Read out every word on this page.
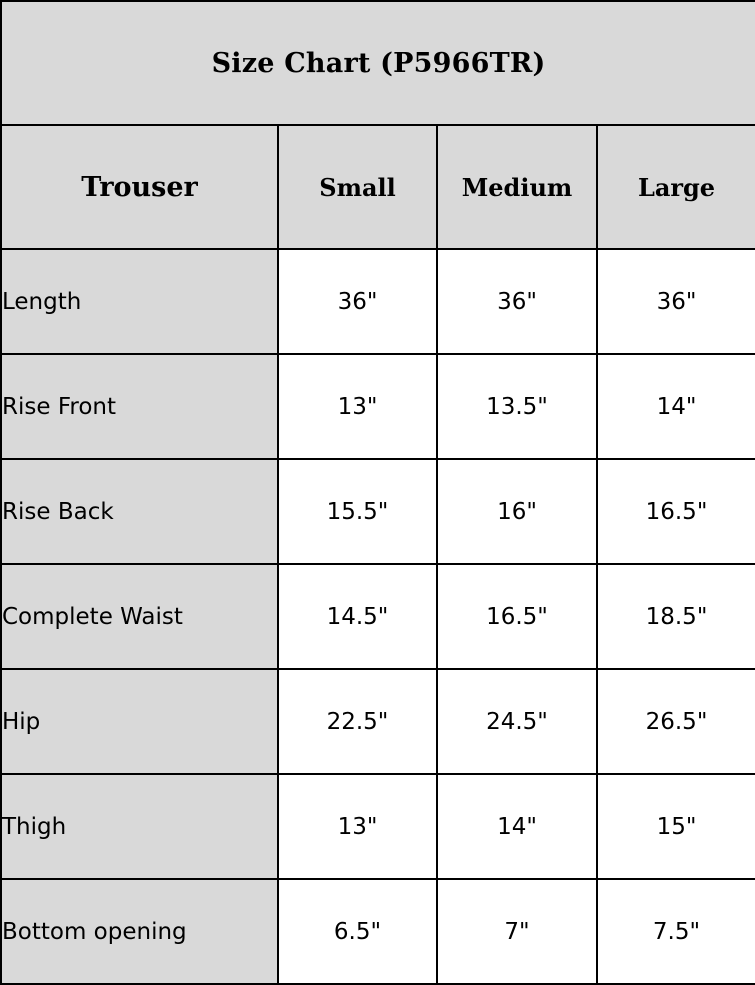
Size Chart (P5966TR)			
Trouser	Small	Medium	Large
Length	36"	36"	36"
Rise Front	13"	13.5"	14"
Rise Back	15.5"	16"	16.5"
Complete Waist	14.5"	16.5"	18.5"
Hip	22.5"	24.5"	26.5"
Thigh	13"	14"	15"
Bottom opening	6.5"	7"	7.5"
